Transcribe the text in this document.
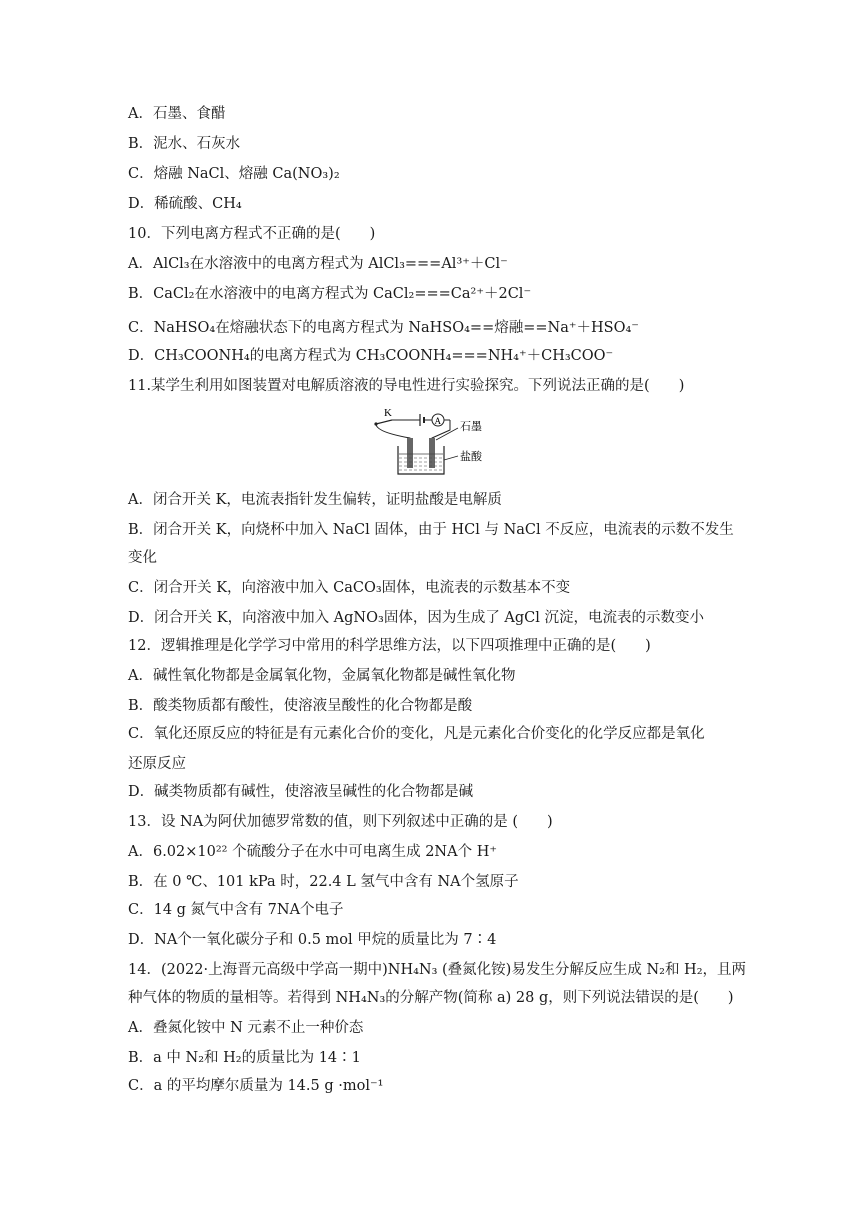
A．石墨、食醋
B．泥水、石灰水
C．熔融 NaCl、熔融 Ca(NO₃)₂
D．稀硫酸、CH₄
10．下列电离方程式不正确的是(　　)
A．AlCl₃在水溶液中的电离方程式为 AlCl₃===Al³⁺＋Cl⁻
B．CaCl₂在水溶液中的电离方程式为 CaCl₂===Ca²⁺＋2Cl⁻
C．NaHSO₄在熔融状态下的电离方程式为 NaHSO₄==熔融==Na⁺＋HSO₄⁻
D．CH₃COONH₄的电离方程式为 CH₃COONH₄===NH₄⁺＋CH₃COO⁻
11.某学生利用如图装置对电解质溶液的导电性进行实验探究。下列说法正确的是(　　)
K
A 石墨
盐酸
A．闭合开关 K，电流表指针发生偏转，证明盐酸是电解质
B．闭合开关 K，向烧杯中加入 NaCl 固体，由于 HCl 与 NaCl 不反应，电流表的示数不发生
变化
C．闭合开关 K，向溶液中加入 CaCO₃固体，电流表的示数基本不变
D．闭合开关 K，向溶液中加入 AgNO₃固体，因为生成了 AgCl 沉淀，电流表的示数变小
12．逻辑推理是化学学习中常用的科学思维方法，以下四项推理中正确的是(　　)
A．碱性氧化物都是金属氧化物，金属氧化物都是碱性氧化物
B．酸类物质都有酸性，使溶液呈酸性的化合物都是酸
C．氧化还原反应的特征是有元素化合价的变化，凡是元素化合价变化的化学反应都是氧化
还原反应
D．碱类物质都有碱性，使溶液呈碱性的化合物都是碱
13．设 NA为阿伏加德罗常数的值，则下列叙述中正确的是 (　　)
A．6.02×10²² 个硫酸分子在水中可电离生成 2NA个 H⁺
B．在 0 ℃、101 kPa 时，22.4 L 氢气中含有 NA个氢原子
C．14 g 氮气中含有 7NA个电子
D．NA个一氧化碳分子和 0.5 mol 甲烷的质量比为 7∶4
14．(2022·上海晋元高级中学高一期中)NH₄N₃ (叠氮化铵)易发生分解反应生成 N₂和 H₂，且两
种气体的物质的量相等。若得到 NH₄N₃的分解产物(简称 a) 28 g，则下列说法错误的是(　　)
A．叠氮化铵中 N 元素不止一种价态
B．a 中 N₂和 H₂的质量比为 14∶1
C．a 的平均摩尔质量为 14.5 g ·mol⁻¹
